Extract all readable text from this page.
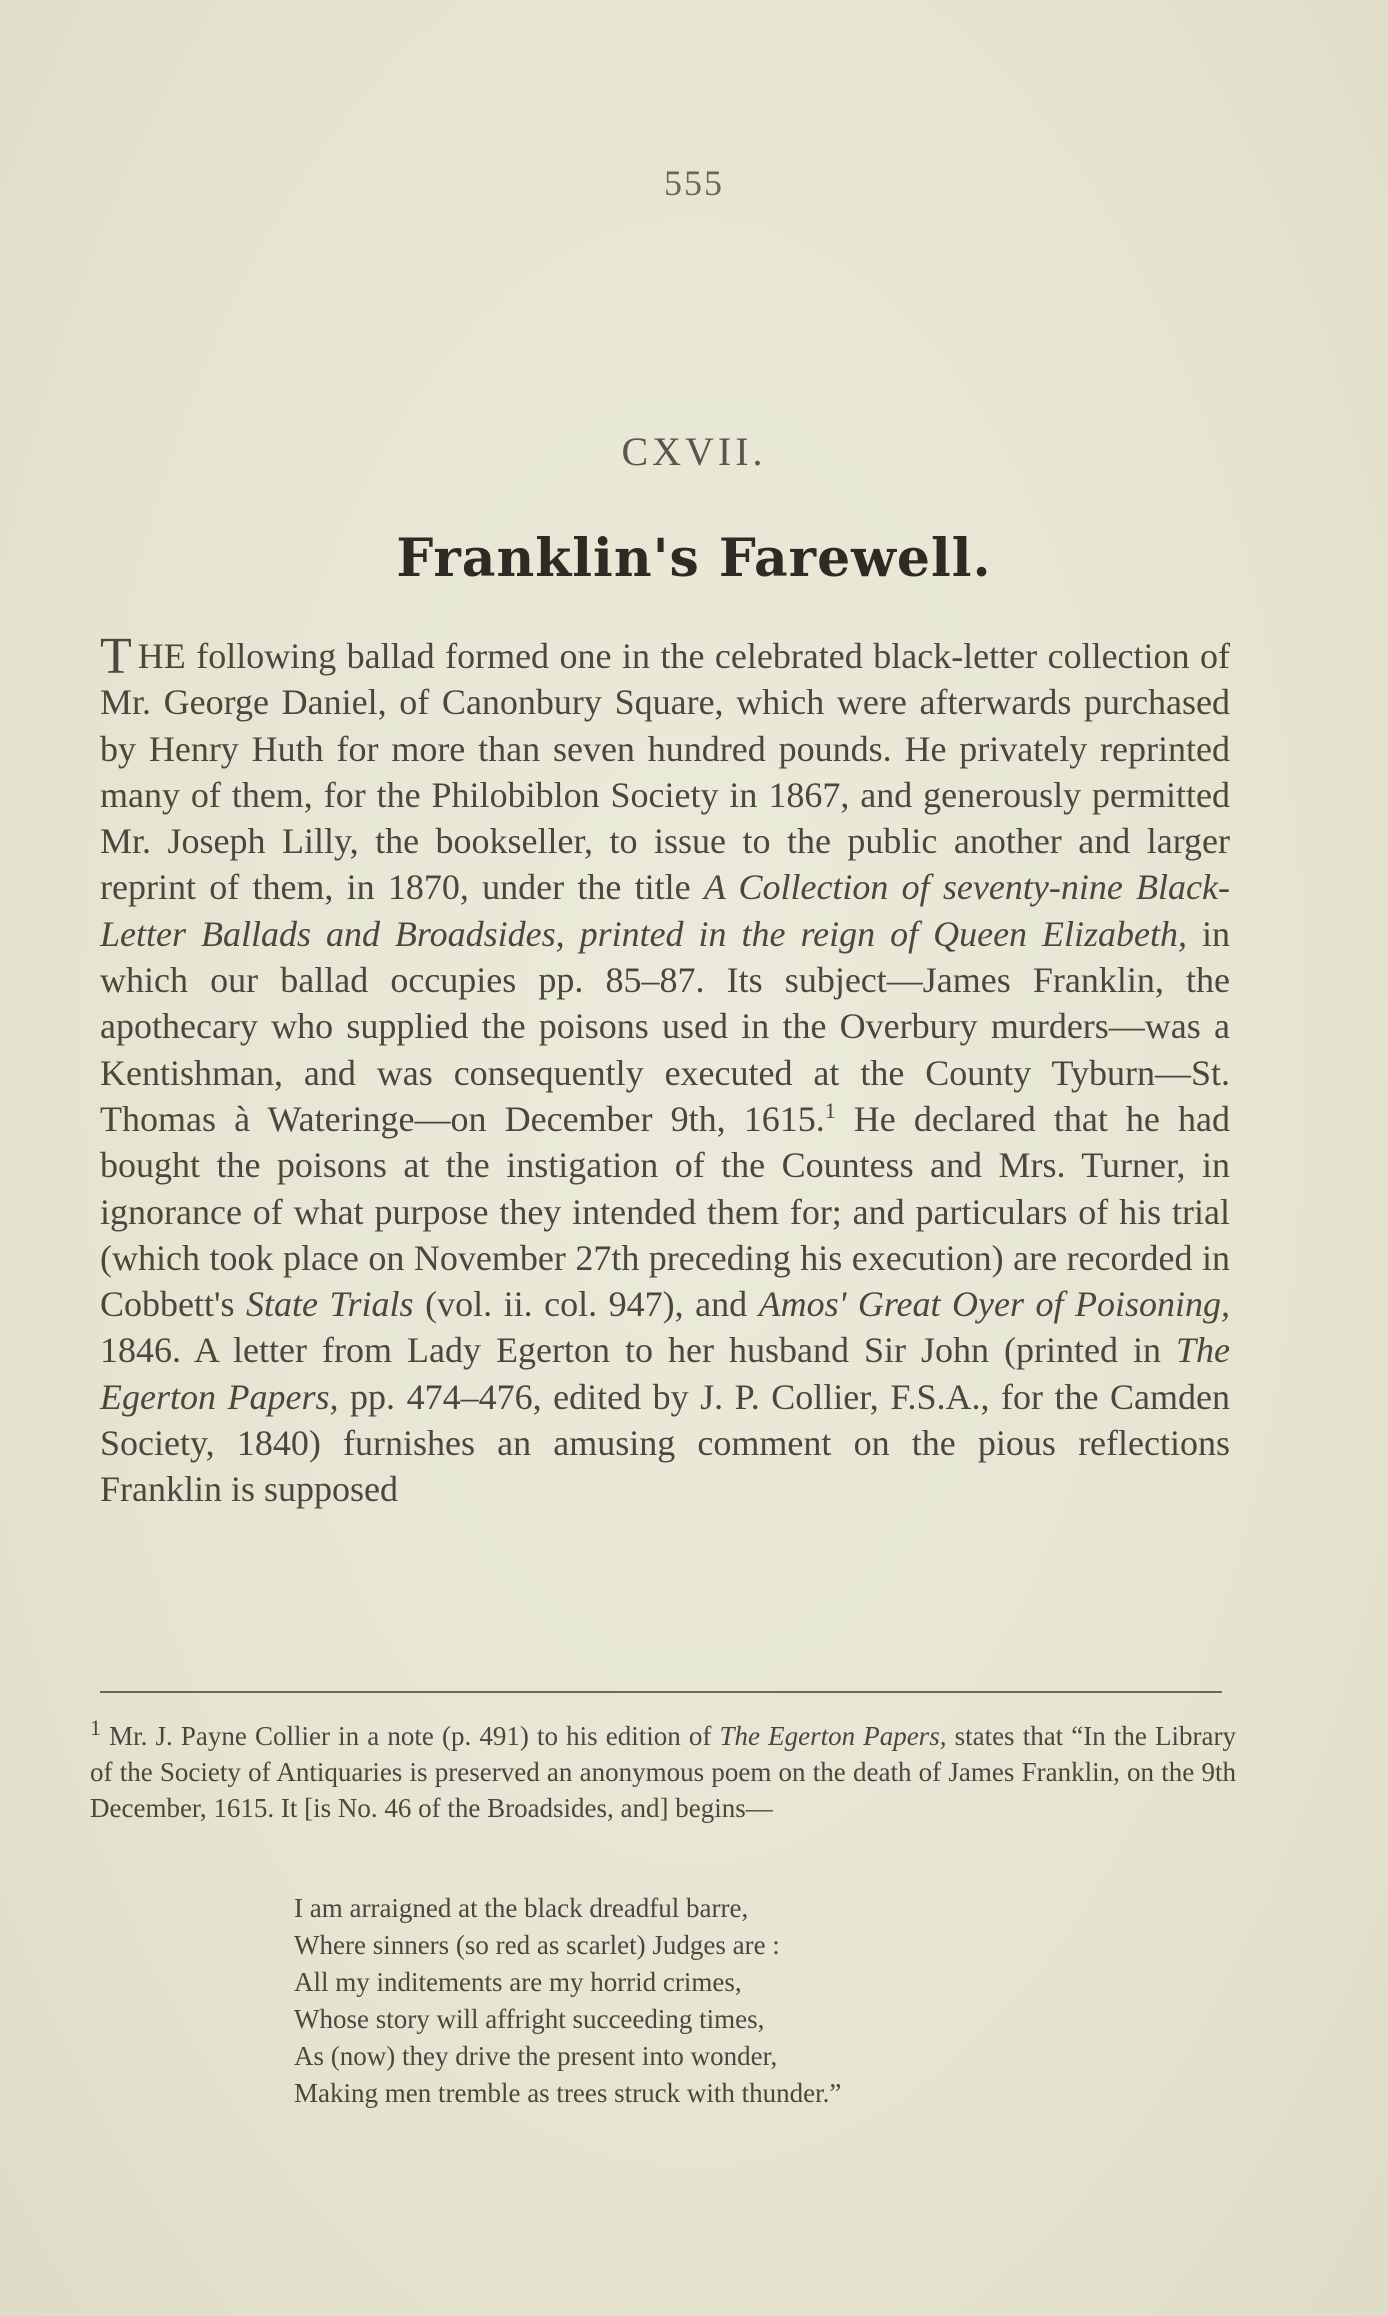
555
CXVII.
Franklin's Farewell.
T HE following ballad formed one in the celebrated black-letter collection of Mr. George Daniel, of Canonbury Square, which were afterwards purchased by Henry Huth for more than seven hundred pounds. He privately reprinted many of them, for the Philobiblon Society in 1867, and generously permitted Mr. Joseph Lilly, the bookseller, to issue to the public another and larger reprint of them, in 1870, under the title A Collection of seventy-nine Black-Letter Ballads and Broadsides, printed in the reign of Queen Elizabeth, in which our ballad occupies pp. 85–87. Its subject—James Franklin, the apothecary who supplied the poisons used in the Overbury murders—was a Kentishman, and was consequently executed at the County Tyburn—St. Thomas à Wateringe—on December 9th, 1615.$^1$ He declared that he had bought the poisons at the instigation of the Countess and Mrs. Turner, in ignorance of what purpose they intended them for; and particulars of his trial (which took place on November 27th preceding his execution) are recorded in Cobbett's State Trials (vol. ii. col. 947), and Amos' Great Oyer of Poisoning, 1846. A letter from Lady Egerton to her husband Sir John (printed in The Egerton Papers, pp. 474–476, edited by J. P. Collier, F.S.A., for the Camden Society, 1840) furnishes an amusing comment on the pious reflections Franklin is supposed
$^1$ Mr. J. Payne Collier in a note (p. 491) to his edition of The Egerton Papers, states that “In the Library of the Society of Antiquaries is preserved an anonymous poem on the death of James Franklin, on the 9th December, 1615. It [is No. 46 of the Broadsides, and] begins—
I am arraigned at the black dreadful barre,
Where sinners (so red as scarlet) Judges are :
All my inditements are my horrid crimes,
Whose story will affright succeeding times,
As (now) they drive the present into wonder,
Making men tremble as trees struck with thunder.”
